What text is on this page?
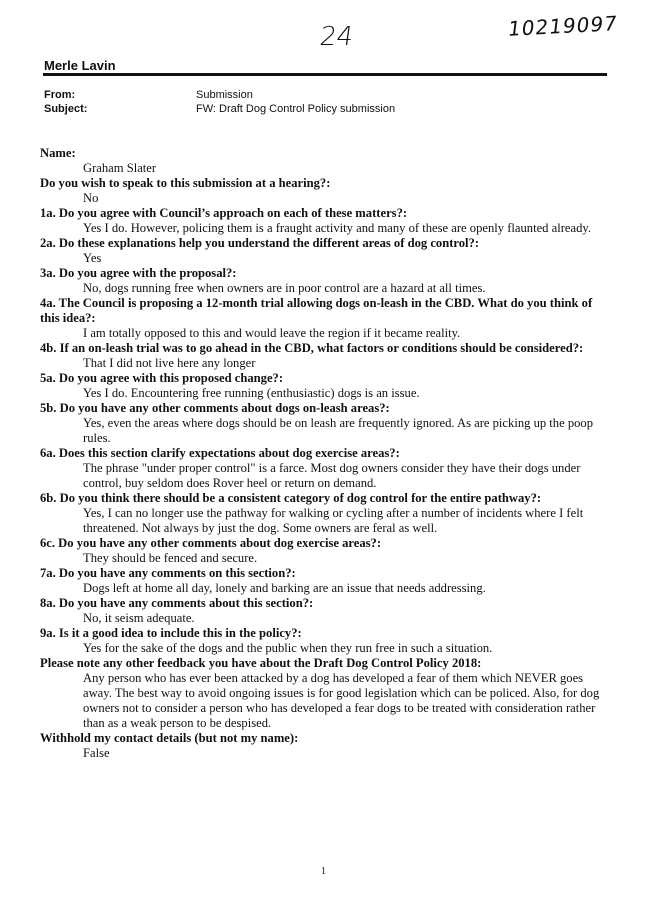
24	10219097
Merle Lavin
From:	Submission
Subject:	FW: Draft Dog Control Policy submission
Name:
Graham Slater
Do you wish to speak to this submission at a hearing?:
No
1a. Do you agree with Council’s approach on each of these matters?:
Yes I do. However, policing them is a fraught activity and many of these are openly flaunted already.
2a. Do these explanations help you understand the different areas of dog control?:
Yes
3a. Do you agree with the proposal?:
No, dogs running free when owners are in poor control are a hazard at all times.
4a. The Council is proposing a 12-month trial allowing dogs on-leash in the CBD. What do you think of this idea?:
I am totally opposed to this and would leave the region if it became reality.
4b. If an on-leash trial was to go ahead in the CBD, what factors or conditions should be considered?:
That I did not live here any longer
5a. Do you agree with this proposed change?:
Yes I do. Encountering free running (enthusiastic) dogs is an issue.
5b. Do you have any other comments about dogs on-leash areas?:
Yes, even the areas where dogs should be on leash are frequently ignored. As are picking up the poop rules.
6a. Does this section clarify expectations about dog exercise areas?:
The phrase "under proper control" is a farce. Most dog owners consider they have their dogs under control, buy seldom does Rover heel or return on demand.
6b. Do you think there should be a consistent category of dog control for the entire pathway?:
Yes, I can no longer use the pathway for walking or cycling after a number of incidents where I felt threatened. Not always by just the dog. Some owners are feral as well.
6c. Do you have any other comments about dog exercise areas?:
They should be fenced and secure.
7a. Do you have any comments on this section?:
Dogs left at home all day, lonely and barking are an issue that needs addressing.
8a. Do you have any comments about this section?:
No, it seism adequate.
9a. Is it a good idea to include this in the policy?:
Yes for the sake of the dogs and the public when they run free in such a situation.
Please note any other feedback you have about the Draft Dog Control Policy 2018:
Any person who has ever been attacked by a dog has developed a fear of them which NEVER goes away. The best way to avoid ongoing issues is for good legislation which can be policed. Also, for dog owners not to consider a person who has developed a fear dogs to be treated with consideration rather than as a weak person to be despised.
Withhold my contact details (but not my name):
False
1
